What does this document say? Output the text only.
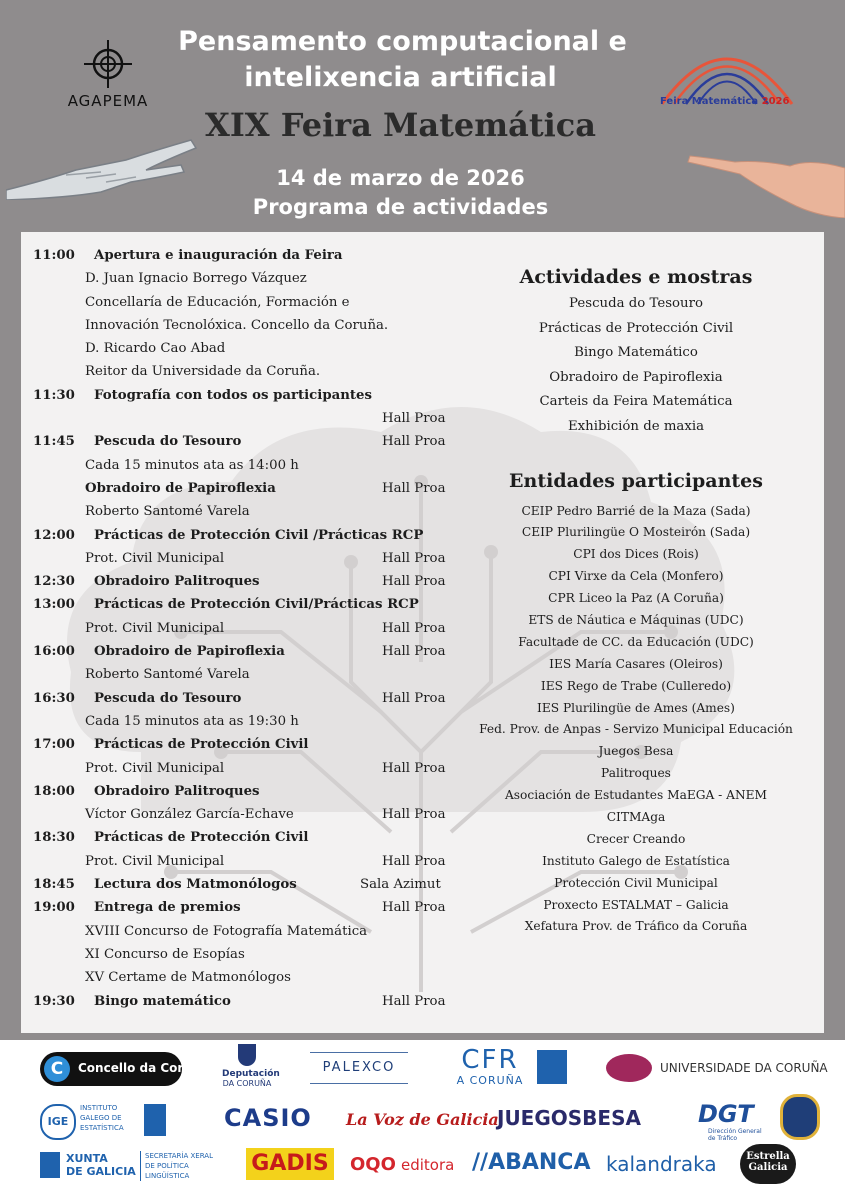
AGAPEMA
Pensamento computacional e
intelixencia artificial
XIX Feira Matemática
14 de marzo de 2026
Programa de actividades
Feira Matemática 2026
11:00 Apertura e inauguración da Feira
D. Juan Ignacio Borrego Vázquez
Concellaría de Educación, Formación e
Innovación Tecnolóxica. Concello da Coruña.
D. Ricardo Cao Abad
Reitor da Universidade da Coruña.
11:30 Fotografía con todos os participantes
Hall Proa
11:45 Pescuda do Tesouro	Hall Proa
Cada 15 minutos ata as 14:00 h
Obradoiro de Papiroflexia	Hall Proa
Roberto Santomé Varela
12:00 Prácticas de Protección Civil /Prácticas RCP
Prot. Civil Municipal	Hall Proa
12:30 Obradoiro Palitroques	Hall Proa
13:00 Prácticas de Protección Civil/Prácticas RCP
Prot. Civil Municipal	Hall Proa
16:00 Obradoiro de Papiroflexia	Hall Proa
Roberto Santomé Varela
16:30 Pescuda do Tesouro	Hall Proa
Cada 15 minutos ata as 19:30 h
17:00 Prácticas de Protección Civil
Prot. Civil Municipal	Hall Proa
18:00 Obradoiro Palitroques
Víctor González García-Echave	Hall Proa
18:30 Prácticas de Protección Civil
Prot. Civil Municipal	Hall Proa
18:45 Lectura dos Matmonólogos	Sala Azimut
19:00 Entrega de premios	Hall Proa
XVIII Concurso de Fotografía Matemática
XI Concurso de Esopías
XV Certame de Matmonólogos
19:30 Bingo matemático	Hall Proa
Actividades e mostras
Pescuda do Tesouro
Prácticas de Protección Civil
Bingo Matemático
Obradoiro de Papiroflexia
Carteis da Feira Matemática
Exhibición de maxia
Entidades participantes
CEIP Pedro Barrié de la Maza (Sada)
CEIP Plurilingüe O Mosteirón (Sada)
CPI dos Dices (Rois)
CPI Virxe da Cela (Monfero)
CPR Liceo la Paz (A Coruña)
ETS de Náutica e Máquinas (UDC)
Facultade de CC. da Educación (UDC)
IES María Casares (Oleiros)
IES Rego de Trabe (Culleredo)
IES Plurilingüe de Ames (Ames)
Fed. Prov. de Anpas - Servizo Municipal Educación
Juegos Besa
Palitroques
Asociación de Estudantes MaEGA - ANEM
CITMAga
Crecer Creando
Instituto Galego de Estatística
Protección Civil Municipal
Proxecto ESTALMAT – Galicia
Xefatura Prov. de Tráfico da Coruña
C	Concello da Coruña Deputación
DA CORUÑA
PALEXCO	CFR
A CORUÑA
UNIVERSIDADE DA CORUÑA
IGE
INSTITUTO
GALEGO DE
ESTATÍSTICA	CASIO La Voz de Galicia
JUEGOSBESA DGT
Dirección General
de Tráfico
XUNTA
DE GALICIA
SECRETARÍA XERAL
DE POLÍTICA
LINGÜÍSTICA	GADIS OQO editora //ABANCA kalandraka	Estrella
Galicia
